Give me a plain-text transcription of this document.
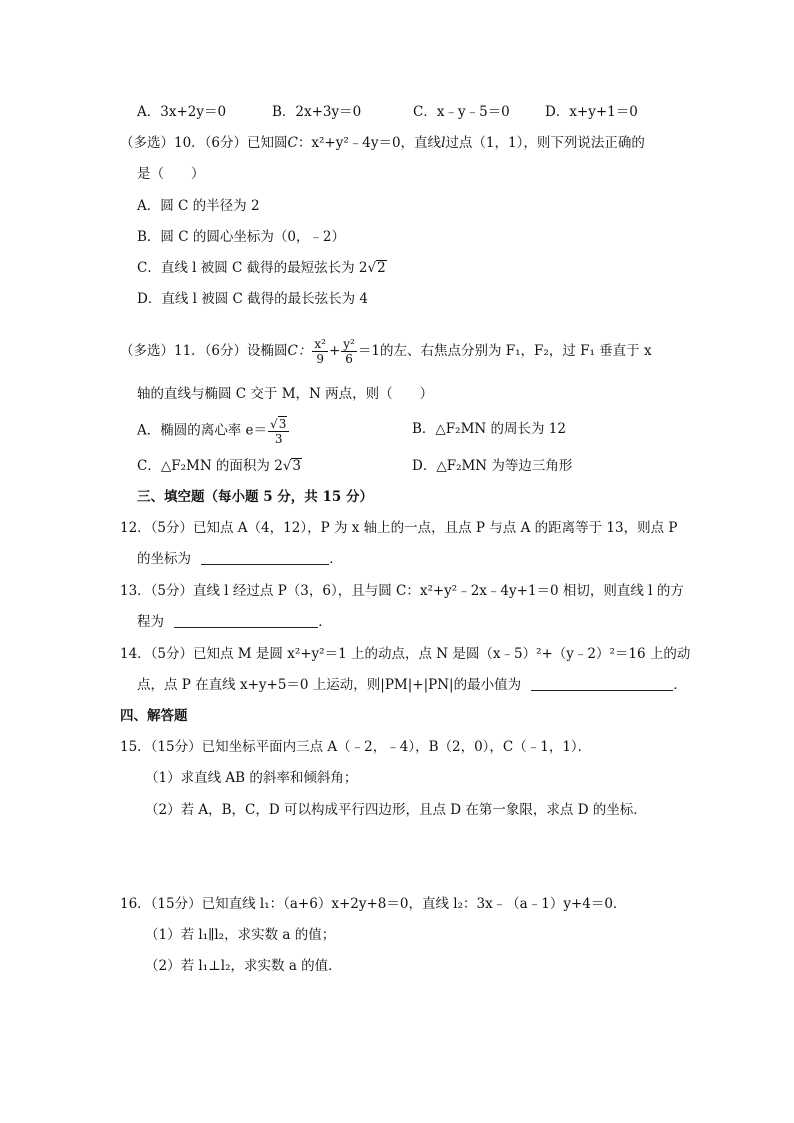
A．3x+2y＝0	B．2x+3y＝0	C．x﹣y﹣5＝0	D．x+y+1＝0
（多选）10．（6分）已知圆C：x²+y²﹣4y＝0，直线l过点（1，1），则下列说法正确的
是（　　）
A．圆 C 的半径为 2
B．圆 C 的圆心坐标为（0，﹣2）
C．直线 l 被圆 C 截得的最短弦长为 2√2
D．直线 l 被圆 C 截得的最长弦长为 4
（多选）11．（6分）设椭圆C： $\frac{\text{x²}}{9} + \frac{\text{y²}}{6} =1$的左、右焦点分别为 F₁，F₂，过 F₁ 垂直于 x
轴的直线与椭圆 C 交于 M，N 两点，则（　　）
A．椭圆的离心率 $e= \frac{√3}{3}$	B．△F₂MN 的周长为 12
C．△F₂MN 的面积为 2√3	D．△F₂MN 为等边三角形
三、填空题（每小题 5 分，共 15 分）
12．（5分）已知点 A（4，12），P 为 x 轴上的一点，且点 P 与点 A 的距离等于 13，则点 P
的坐标为	．
13．（5分）直线 l 经过点 P（3，6），且与圆 C：x²+y²﹣2x﹣4y+1＝0 相切，则直线 l 的方
程为	．
14．（5分）已知点 M 是圆 x²+y²＝1 上的动点，点 N 是圆（x﹣5）²+（y﹣2）²＝16 上的动
点，点 P 在直线 x+y+5＝0 上运动，则|PM|+|PN|的最小值为	．
四、解答题
15．（15分）已知坐标平面内三点 A（﹣2，﹣4），B（2，0），C（﹣1，1）．
（1）求直线 AB 的斜率和倾斜角；
（2）若 A，B，C，D 可以构成平行四边形，且点 D 在第一象限，求点 D 的坐标．
16．（15分）已知直线 l₁：（a+6）x+2y+8＝0，直线 l₂：3x﹣（a﹣1）y+4＝0．
（1）若 l₁∥l₂，求实数 a 的值；
（2）若 l₁⊥l₂，求实数 a 的值．
